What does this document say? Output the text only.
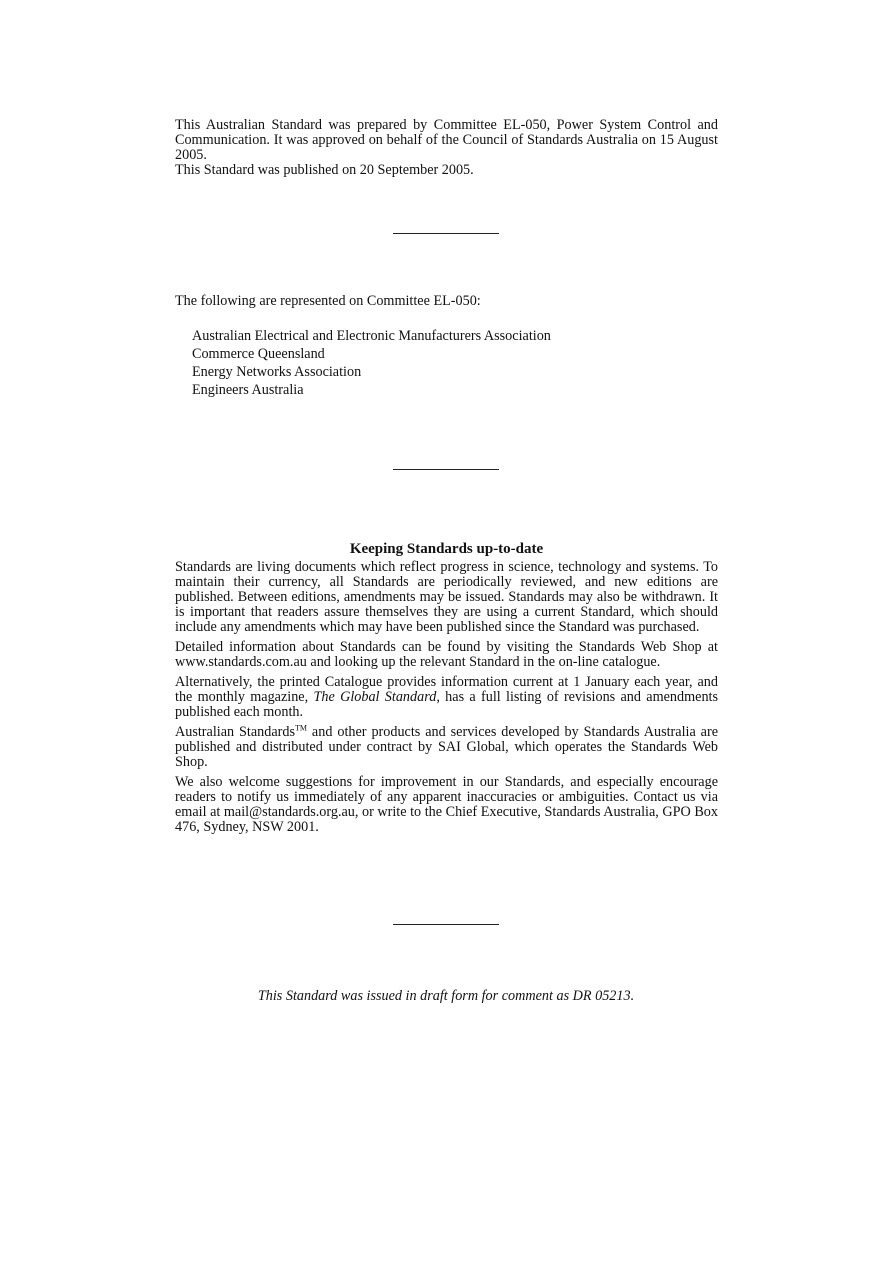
This Australian Standard was prepared by Committee EL-050, Power System Control and Communication. It was approved on behalf of the Council of Standards Australia on 15 August 2005.

This Standard was published on 20 September 2005.

The following are represented on Committee EL-050:

Australian Electrical and Electronic Manufacturers Association
Commerce Queensland
Energy Networks Association
Engineers Australia
Keeping Standards up-to-date

Standards are living documents which reflect progress in science, technology and systems. To maintain their currency, all Standards are periodically reviewed, and new editions are published. Between editions, amendments may be issued. Standards may also be withdrawn. It is important that readers assure themselves they are using a current Standard, which should include any amendments which may have been published since the Standard was purchased.

Detailed information about Standards can be found by visiting the Standards Web Shop at www.standards.com.au and looking up the relevant Standard in the on-line catalogue.

Alternatively, the printed Catalogue provides information current at 1 January each year, and the monthly magazine, The Global Standard, has a full listing of revisions and amendments published each month.

Australian Standards™ and other products and services developed by Standards Australia are published and distributed under contract by SAI Global, which operates the Standards Web Shop.

We also welcome suggestions for improvement in our Standards, and especially encourage readers to notify us immediately of any apparent inaccuracies or ambiguities. Contact us via email at mail@standards.org.au, or write to the Chief Executive, Standards Australia, GPO Box 476, Sydney, NSW 2001.

This Standard was issued in draft form for comment as DR 05213.
